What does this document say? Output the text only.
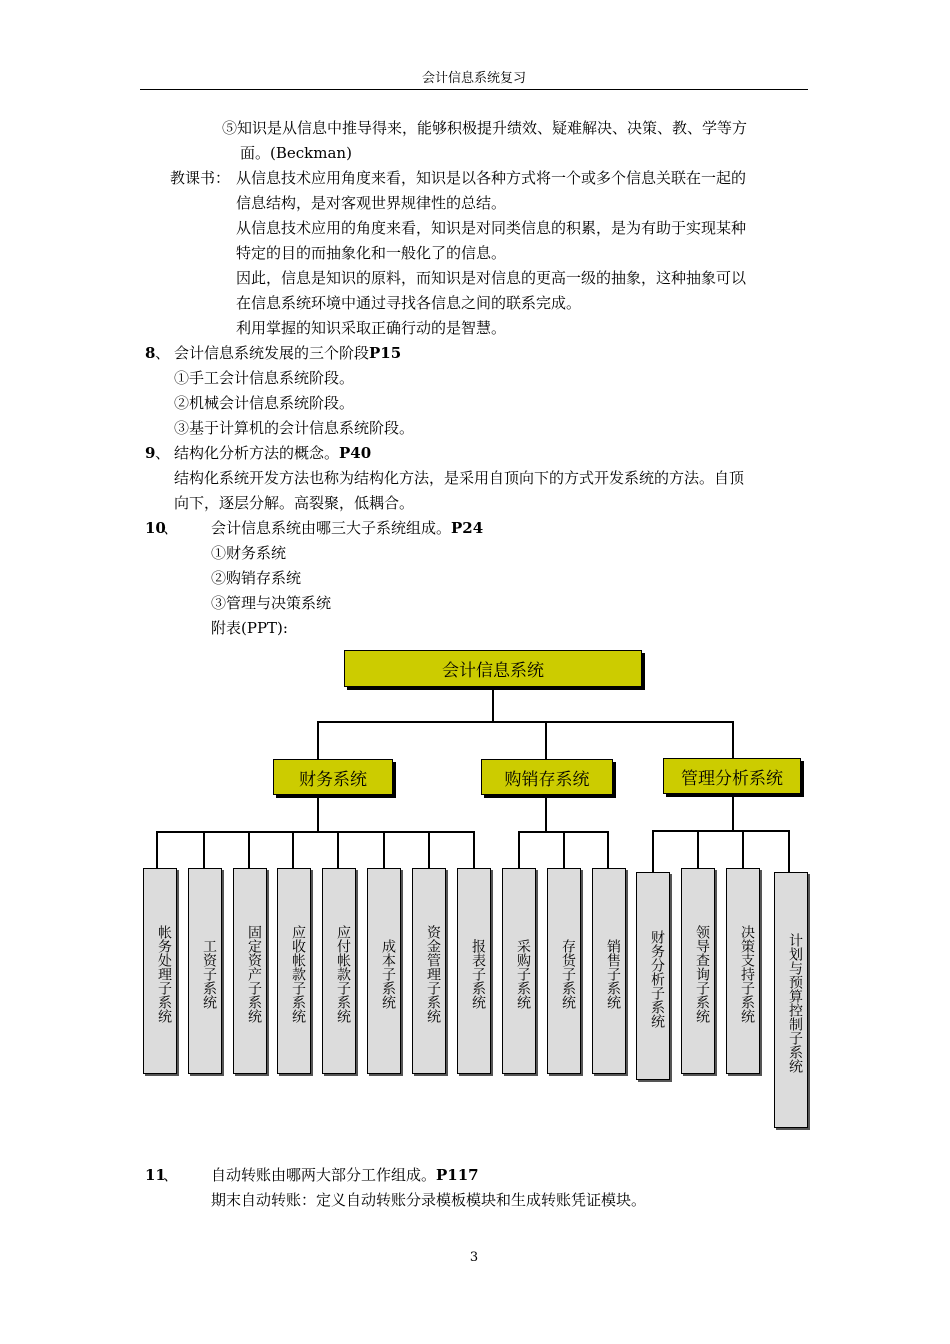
会计信息系统复习
⑤知识是从信息中推导得来，能够积极提升绩效、疑难解决、决策、教、学等方
面。(Beckman)
教课书： 从信息技术应用角度来看，知识是以各种方式将一个或多个信息关联在一起的
信息结构，是对客观世界规律性的总结。
从信息技术应用的角度来看，知识是对同类信息的积累，是为有助于实现某种
特定的目的而抽象化和一般化了的信息。
因此，信息是知识的原料，而知识是对信息的更高一级的抽象，这种抽象可以
在信息系统环境中通过寻找各信息之间的联系完成。
利用掌握的知识采取正确行动的是智慧。
8 、 会计信息系统发展的三个阶段P15
①手工会计信息系统阶段。
②机械会计信息系统阶段。
③基于计算机的会计信息系统阶段。
9 、 结构化分析方法的概念。P40
结构化系统开发方法也称为结构化方法，是采用自顶向下的方式开发系统的方法。自顶
向下，逐层分解。高裂聚，低耦合。
10
、 会计信息系统由哪三大子系统组成。P24
①财务系统
②购销存系统
③管理与决策系统
附表(PPT):
会计信息系统
财务系统	购销存系统	管理分析系统
帐务处理子系统	工资子系统	固定资产子系统	应收帐款子系统	应付帐款子系统	成本子系统	资金管理子系统	报表子系统	采购子系统	存货子系统	销售子系统	财务分析子系统	领导查询子系统	决策支持子系统	计划与预算控制子系统
11
、 自动转账由哪两大部分工作组成。P117
期末自动转账：定义自动转账分录模板模块和生成转账凭证模块。
3
